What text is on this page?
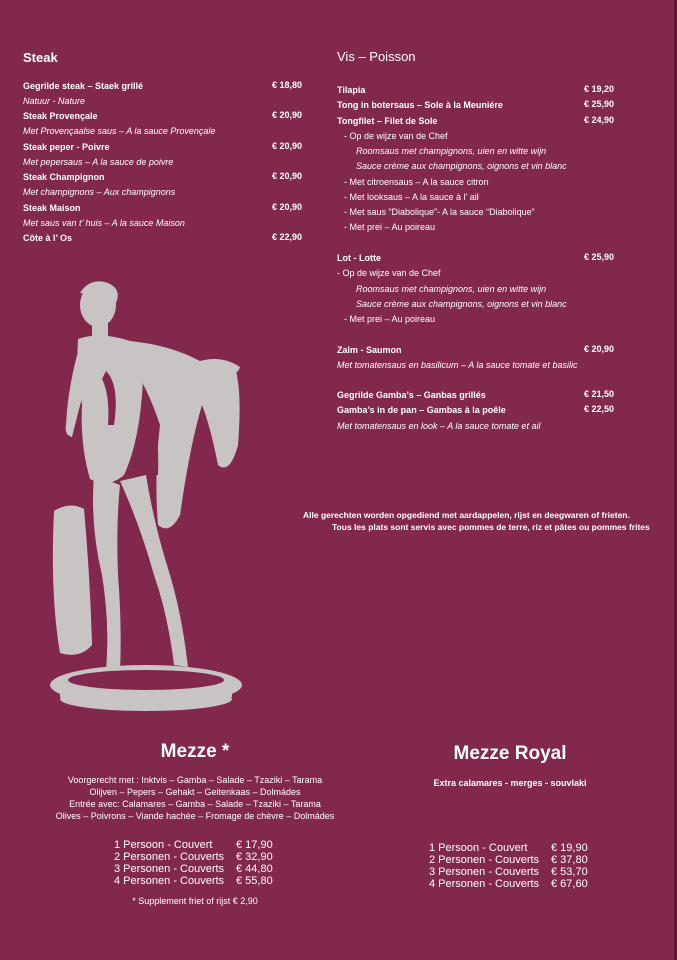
Steak
Gegrilde steak – Staek grillé	€ 18,80
Natuur - Nature
Steak Provençale	€ 20,90
Met Provençaalse saus – A la sauce Provençale
Steak peper - Poivre	€ 20,90
Met pepersaus – A la sauce de poivre
Steak Champignon	€ 20,90
Met champignons – Aux champignons
Steak Maison	€ 20,90
Met saus van t’ huis – A la sauce Maison
Côte à l’ Os	€ 22,90
Vis – Poisson
Tilapia	€ 19,20
Tong in botersaus – Sole à la Meuniére	€ 25,90
Tongfilet – Filet de Sole	€ 24,90
- Op de wijze van de Chef
Roomsaus met champignons, uien en witte wijn
Sauce crème aux champignons, oignons et vin blanc
- Met citroensaus – A la sauce citron
- Met looksaus – A la sauce à l’ ail
- Met saus “Diabolique”- A la sauce “Diabolique”
- Met prei – Au poireau
Lot - Lotte	€ 25,90
- Op de wijze van de Chef
Roomsaus met champignons, uien en witte wijn
Sauce crème aux champignons, oignons et vin blanc
- Met prei – Au poireau
Zalm - Saumon	€ 20,90
Met tomatensaus en basilicum – A la sauce tomate et basilic
Gegrilde Gamba’s – Ganbas grillés	€ 21,50
Gamba’s in de pan – Gambas à la poêle	€ 22,50
Met tomatensaus en look – A la sauce tomate et ail
Alle gerechten worden opgediend met aardappelen, rijst en deegwaren of frieten.
Tous les plats sont servis avec pommes de terre, riz et pâtes ou pommes frites
Mezze *
Voorgerecht met : Inktvis – Gamba – Salade – Tzaziki – Tarama
Olijven – Pepers – Gehakt – Geitenkaas – Dolmádes
Entrée avec: Calamares – Gamba – Salade – Tzaziki – Tarama
Olives – Poivrons – Viande hachée – Fromage de chèvre – Dolmádes
1 Persoon - Couvert € 17,90
2 Personen - Couverts € 32,90
3 Personen - Couverts € 44,80
4 Personen - Couverts € 55,80
* Supplement friet of rijst € 2,90
Mezze Royal
Extra calamares - merges - souvlaki
1 Persoon - Couvert € 19,90
2 Personen - Couverts € 37,80
3 Personen - Couverts € 53,70
4 Personen - Couverts € 67,60
